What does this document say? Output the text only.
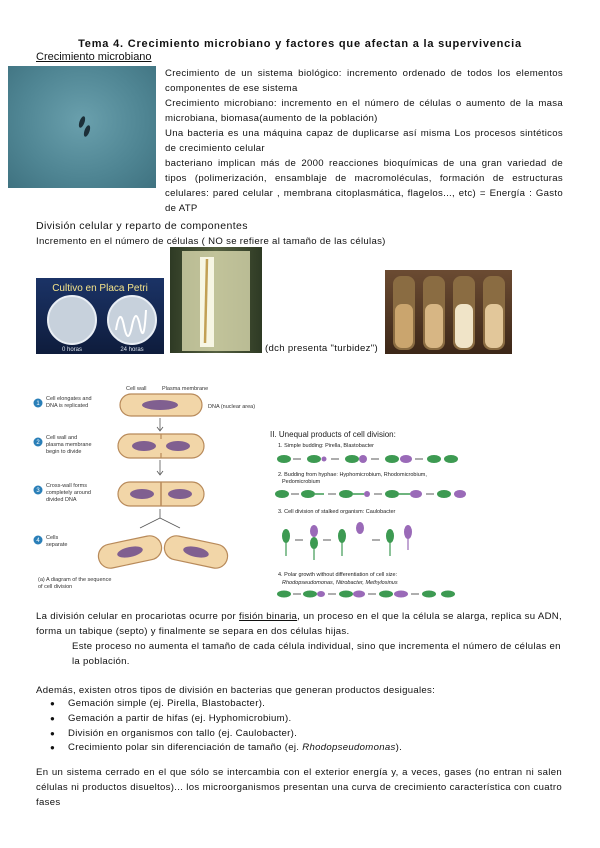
Tema 4. Crecimiento microbiano y factores que afectan a la supervivencia
Crecimiento microbiano
Crecimiento de un sistema biológico: incremento ordenado de todos los elementos componentes de ese sistema
Crecimiento microbiano: incremento en el número de células o aumento de la masa microbiana, biomasa(aumento de la población)
Una bacteria es una máquina capaz de duplicarse así misma Los procesos sintéticos de crecimiento celular
bacteriano implican más de 2000 reacciones bioquímicas de una gran variedad de tipos (polimerización, ensamblaje de macromoléculas, formación de estructuras celulares: pared celular , membrana citoplasmática, flagelos..., etc) = Energía : Gasto de ATP
División celular y reparto de componentes
Incremento en el número de células ( NO se refiere al tamaño de las células)
Cultivo en Placa Petri
0 horas	24 horas	(dch presenta "turbidez")
Cell wall	Plasma membrane
DNA (nuclear area)
1
Cell elongates and
DNA is replicated
2
Cell wall and
plasma membrane
begin to divide
3
Cross-wall forms
completely around
divided DNA
4 Cells
separate
(a) A diagram of the sequence
of cell division
II. Unequal products of cell division:
1. Simple budding: Pirella, Blastobacter
2. Budding from hyphae: Hyphomicrobium, Rhodomicrobium,
Pedomicrobium
3. Cell division of stalked organism: Caulobacter
4. Polar growth without differentiation of cell size:
Rhodopseudomonas, Nitrobacter, Methylosinus
La división celular en procariotas ocurre por fisión binaria, un proceso en el que la célula se alarga, replica su ADN, forma un tabique (septo) y finalmente se separa en dos células hijas.
Este proceso no aumenta el tamaño de cada célula individual, sino que incrementa el número de células en la población.
Además, existen otros tipos de división en bacterias que generan productos desiguales:
● Gemación simple (ej. Pirella, Blastobacter).
● Gemación a partir de hifas (ej. Hyphomicrobium).
● División en organismos con tallo (ej. Caulobacter).
● Crecimiento polar sin diferenciación de tamaño (ej. Rhodopseudomonas).
En un sistema cerrado en el que sólo se intercambia con el exterior energía y, a veces, gases (no entran ni salen células ni productos disueltos)... los microorganismos presentan una curva de crecimiento característica con cuatro fases
